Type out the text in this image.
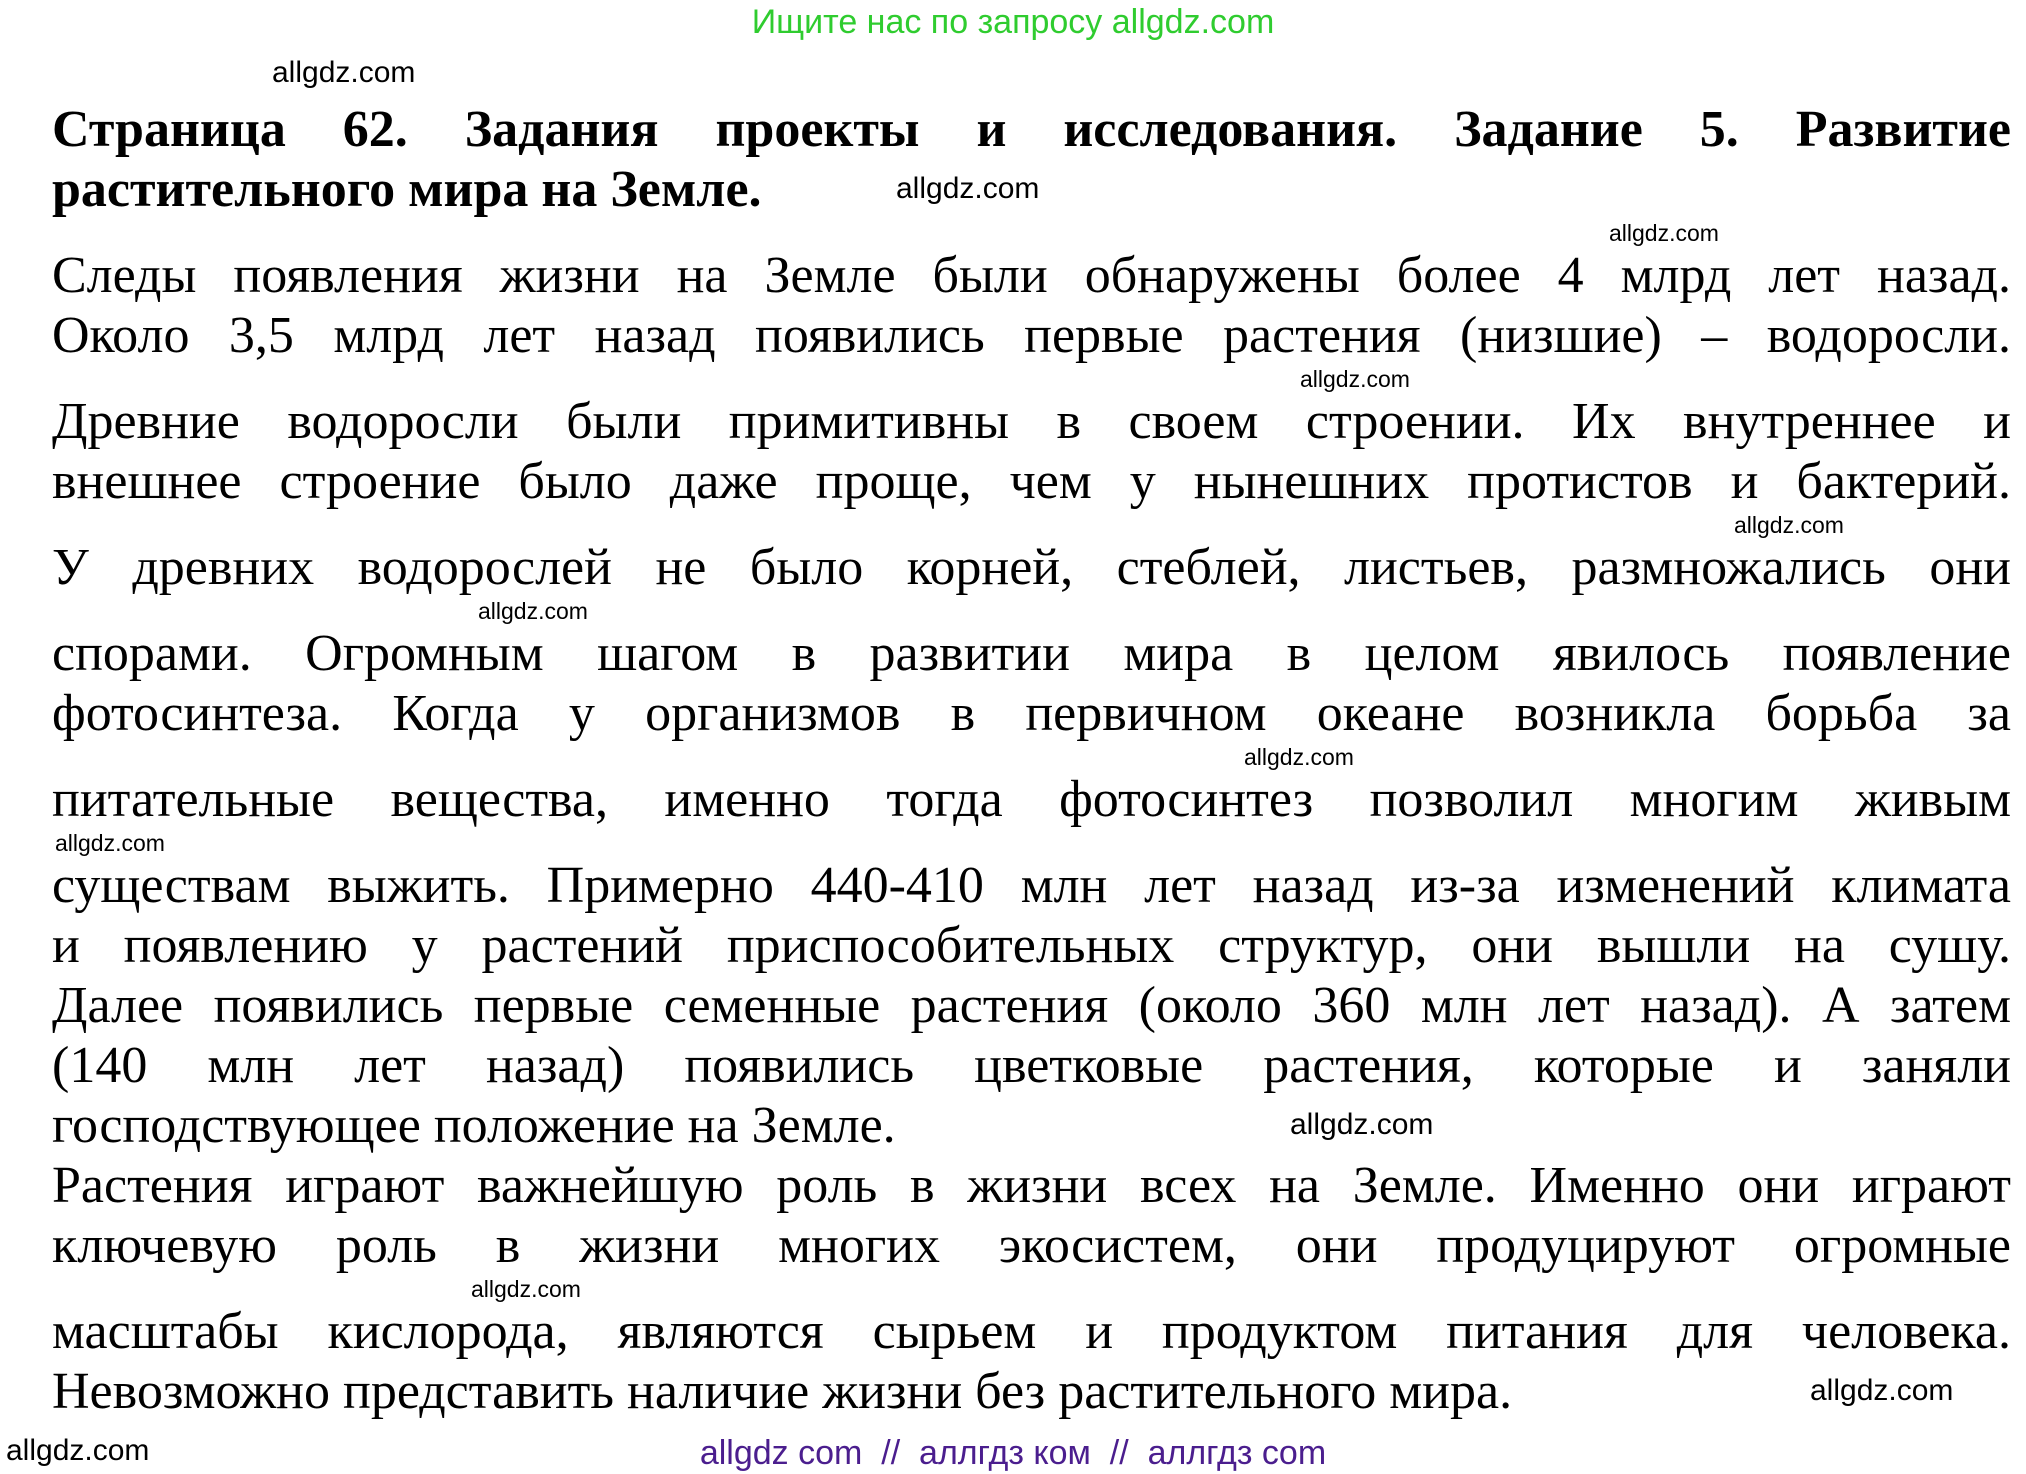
Ищите нас по запросу allgdz.com
allgdz.com
Страница 62. Задания проекты и исследования. Задание 5. Развитие
растительного мира на Земле.	allgdz.com
allgdz.com
Следы появления жизни на Земле были обнаружены более 4 млрд лет назад.
Около 3,5 млрд лет назад появились первые растения (низшие) – водоросли.
allgdz.com
Древние водоросли были примитивны в своем строении. Их внутреннее и
внешнее строение было даже проще, чем у нынешних протистов и бактерий.
allgdz.com
У древних водорослей не было корней, стеблей, листьев, размножались они
allgdz.com
спорами. Огромным шагом в развитии мира в целом явилось появление
фотосинтеза. Когда у организмов в первичном океане возникла борьба за
allgdz.com
питательные вещества, именно тогда фотосинтез позволил многим живым
allgdz.com
существам выжить. Примерно 440-410 млн лет назад из-за изменений климата
и появлению у растений приспособительных структур, они вышли на сушу.
Далее появились первые семенные растения (около 360 млн лет назад). А затем
(140 млн лет назад) появились цветковые растения, которые и заняли
господствующее положение на Земле.	allgdz.com
Растения играют важнейшую роль в жизни всех на Земле. Именно они играют
ключевую роль в жизни многих экосистем, они продуцируют огромные
allgdz.com
масштабы кислорода, являются сырьем и продуктом питания для человека.
Невозможно представить наличие жизни без растительного мира.	allgdz.com
allgdz.com	allgdz com  //  аллгдз ком  //  аллгдз com
